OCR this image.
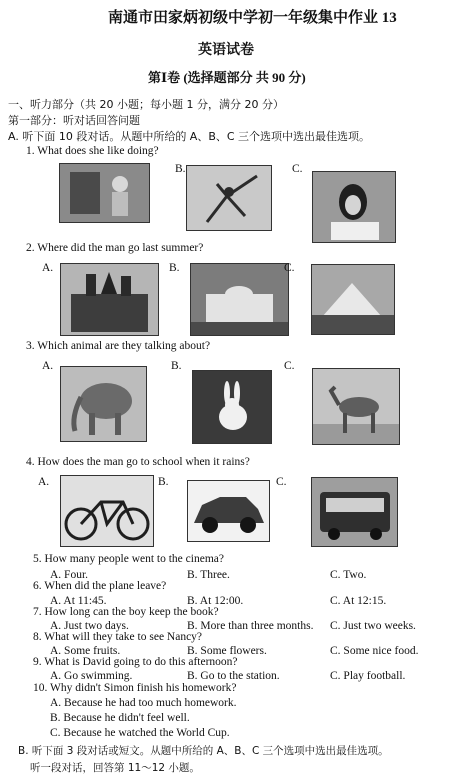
南通市田家炳初级中学初一年级集中作业 13
英语试卷
第Ⅰ卷 (选择题部分 共 90 分)
一、听力部分（共 20 小题；每小题 1 分，满分 20 分）
第一部分：听对话回答问题
A. 听下面 10 段对话。从题中所给的 A、B、C 三个选项中选出最佳选项。
1. What does she like doing?
B.	C.
2. Where did the man go last summer?
A.	B.	C.
3. Which animal are they talking about?
A.	B.	C.
4. How does the man go to school when it rains?
A.	B.	C.
5. How many people went to the cinema?
A. Four.	B. Three.	C. Two.
6. When did the plane leave?
A. At 11:45.	B. At 12:00.	C. At 12:15.
7. How long can the boy keep the book?
A. Just two days.	B. More than three months. C. Just two weeks.
8. What will they take to see Nancy?
A. Some fruits.	B. Some flowers.	C. Some nice food.
9. What is David going to do this afternoon?
A. Go swimming.	B. Go to the station.	C. Play football.
10. Why didn't Simon finish his homework?
A. Because he had too much homework.
B. Because he didn't feel well.
C. Because he watched the World Cup.
B. 听下面 3 段对话或短文。从题中所给的 A、B、C 三个选项中选出最佳选项。
听一段对话，回答第 11～12 小题。
